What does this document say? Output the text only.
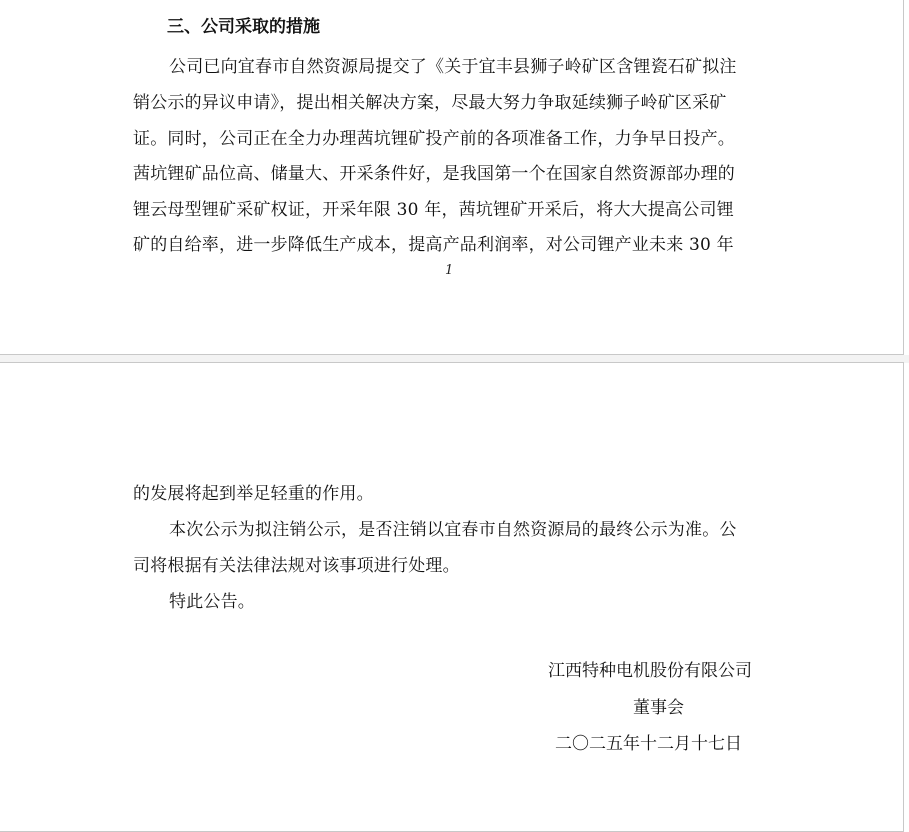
三、公司采取的措施
公司已向宜春市自然资源局提交了《关于宜丰县狮子岭矿区含锂瓷石矿拟注
销公示的异议申请》，提出相关解决方案，尽最大努力争取延续狮子岭矿区采矿
证。同时，公司正在全力办理茜坑锂矿投产前的各项准备工作，力争早日投产。
茜坑锂矿品位高、储量大、开采条件好，是我国第一个在国家自然资源部办理的
锂云母型锂矿采矿权证，开采年限 30 年，茜坑锂矿开采后，将大大提高公司锂
矿的自给率，进一步降低生产成本，提高产品利润率，对公司锂产业未来 30 年
1
的发展将起到举足轻重的作用。
本次公示为拟注销公示，是否注销以宜春市自然资源局的最终公示为准。公
司将根据有关法律法规对该事项进行处理。
特此公告。
江西特种电机股份有限公司
董事会
二〇二五年十二月十七日
